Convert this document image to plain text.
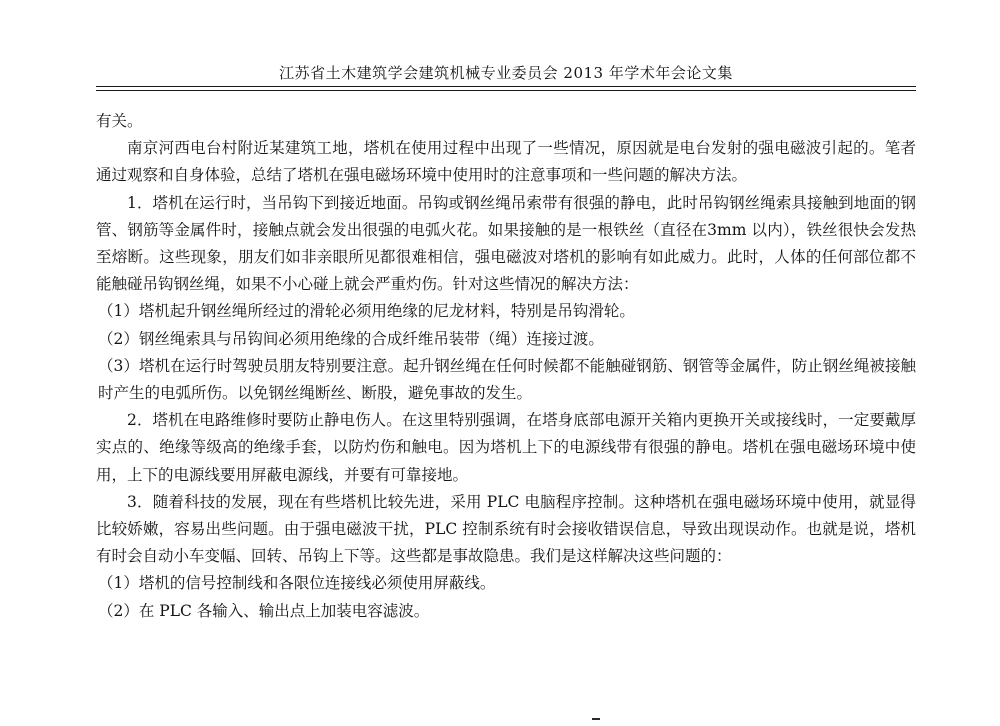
江苏省土木建筑学会建筑机械专业委员会 2013 年学术年会论文集

有关。

南京河西电台村附近某建筑工地，塔机在使用过程中出现了一些情况，原因就是电台发射的强电磁波引起的。笔者通过观察和自身体验，总结了塔机在强电磁场环境中使用时的注意事项和一些问题的解决方法。

1．塔机在运行时，当吊钩下到接近地面。吊钩或钢丝绳吊索带有很强的静电，此时吊钩钢丝绳索具接触到地面的钢管、钢筋等金属件时，接触点就会发出很强的电弧火花。如果接触的是一根铁丝（直径在3mm 以内），铁丝很快会发热至熔断。这些现象，朋友们如非亲眼所见都很难相信，强电磁波对塔机的影响有如此威力。此时，人体的任何部位都不能触碰吊钩钢丝绳，如果不小心碰上就会严重灼伤。针对这些情况的解决方法：

（1）塔机起升钢丝绳所经过的滑轮必须用绝缘的尼龙材料，特别是吊钩滑轮。

（2）钢丝绳索具与吊钩间必须用绝缘的合成纤维吊装带（绳）连接过渡。

（3）塔机在运行时驾驶员朋友特别要注意。起升钢丝绳在任何时候都不能触碰钢筋、钢管等金属件，防止钢丝绳被接触时产生的电弧所伤。以免钢丝绳断丝、断股，避免事故的发生。

2．塔机在电路维修时要防止静电伤人。在这里特别强调，在塔身底部电源开关箱内更换开关或接线时，一定要戴厚实点的、绝缘等级高的绝缘手套，以防灼伤和触电。因为塔机上下的电源线带有很强的静电。塔机在强电磁场环境中使用，上下的电源线要用屏蔽电源线，并要有可靠接地。

3．随着科技的发展，现在有些塔机比较先进，采用 PLC 电脑程序控制。这种塔机在强电磁场环境中使用，就显得比较娇嫩，容易出些问题。由于强电磁波干扰，PLC 控制系统有时会接收错误信息，导致出现误动作。也就是说，塔机有时会自动小车变幅、回转、吊钩上下等。这些都是事故隐患。我们是这样解决这些问题的：

（1）塔机的信号控制线和各限位连接线必须使用屏蔽线。

（2）在 PLC 各输入、输出点上加装电容滤波。
